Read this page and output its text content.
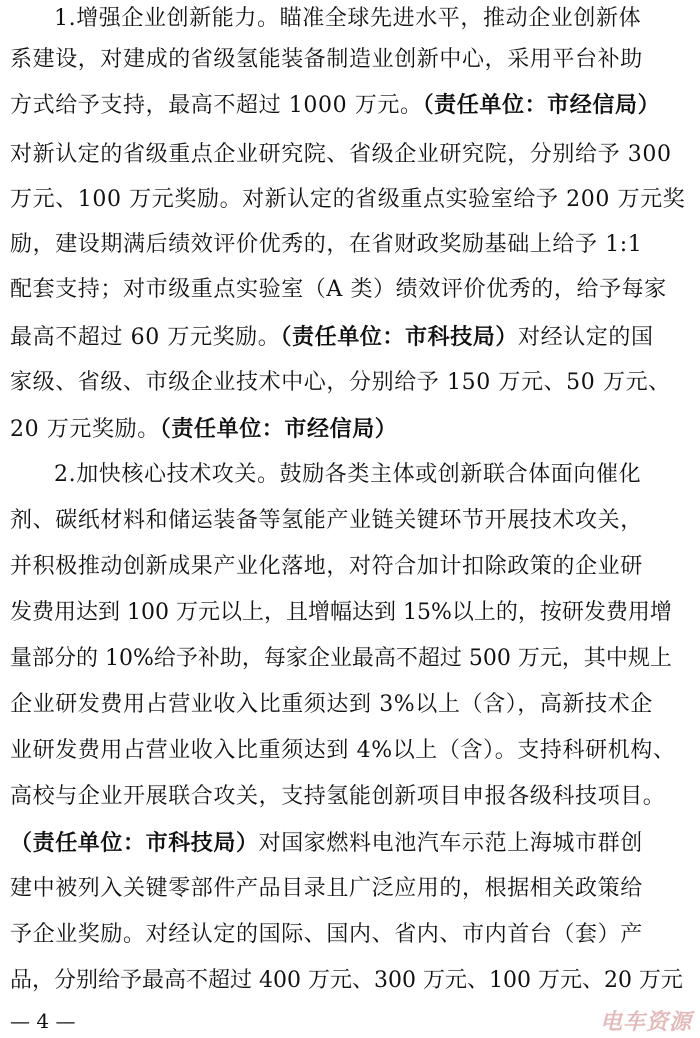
1.增强企业创新能力。瞄准全球先进水平，推动企业创新体
系建设，对建成的省级氢能装备制造业创新中心，采用平台补助
方式给予支持，最高不超过 1000 万元。（责任单位：市经信局）
对新认定的省级重点企业研究院、省级企业研究院，分别给予 300
万元、100 万元奖励。对新认定的省级重点实验室给予 200 万元奖
励，建设期满后绩效评价优秀的，在省财政奖励基础上给予 1:1
配套支持；对市级重点实验室（A 类）绩效评价优秀的，给予每家
最高不超过 60 万元奖励。（责任单位：市科技局）对经认定的国
家级、省级、市级企业技术中心，分别给予 150 万元、50 万元、
20 万元奖励。（责任单位：市经信局）
2.加快核心技术攻关。鼓励各类主体或创新联合体面向催化
剂、碳纸材料和储运装备等氢能产业链关键环节开展技术攻关，
并积极推动创新成果产业化落地，对符合加计扣除政策的企业研
发费用达到 100 万元以上，且增幅达到 15%以上的，按研发费用增
量部分的 10%给予补助，每家企业最高不超过 500 万元，其中规上
企业研发费用占营业收入比重须达到 3%以上（含），高新技术企
业研发费用占营业收入比重须达到 4%以上（含）。支持科研机构、
高校与企业开展联合攻关，支持氢能创新项目申报各级科技项目。
（责任单位：市科技局）对国家燃料电池汽车示范上海城市群创
建中被列入关键零部件产品目录且广泛应用的，根据相关政策给
予企业奖励。对经认定的国际、国内、省内、市内首台（套）产
品，分别给予最高不超过 400 万元、300 万元、100 万元、20 万元
— 4 —	电车资源
